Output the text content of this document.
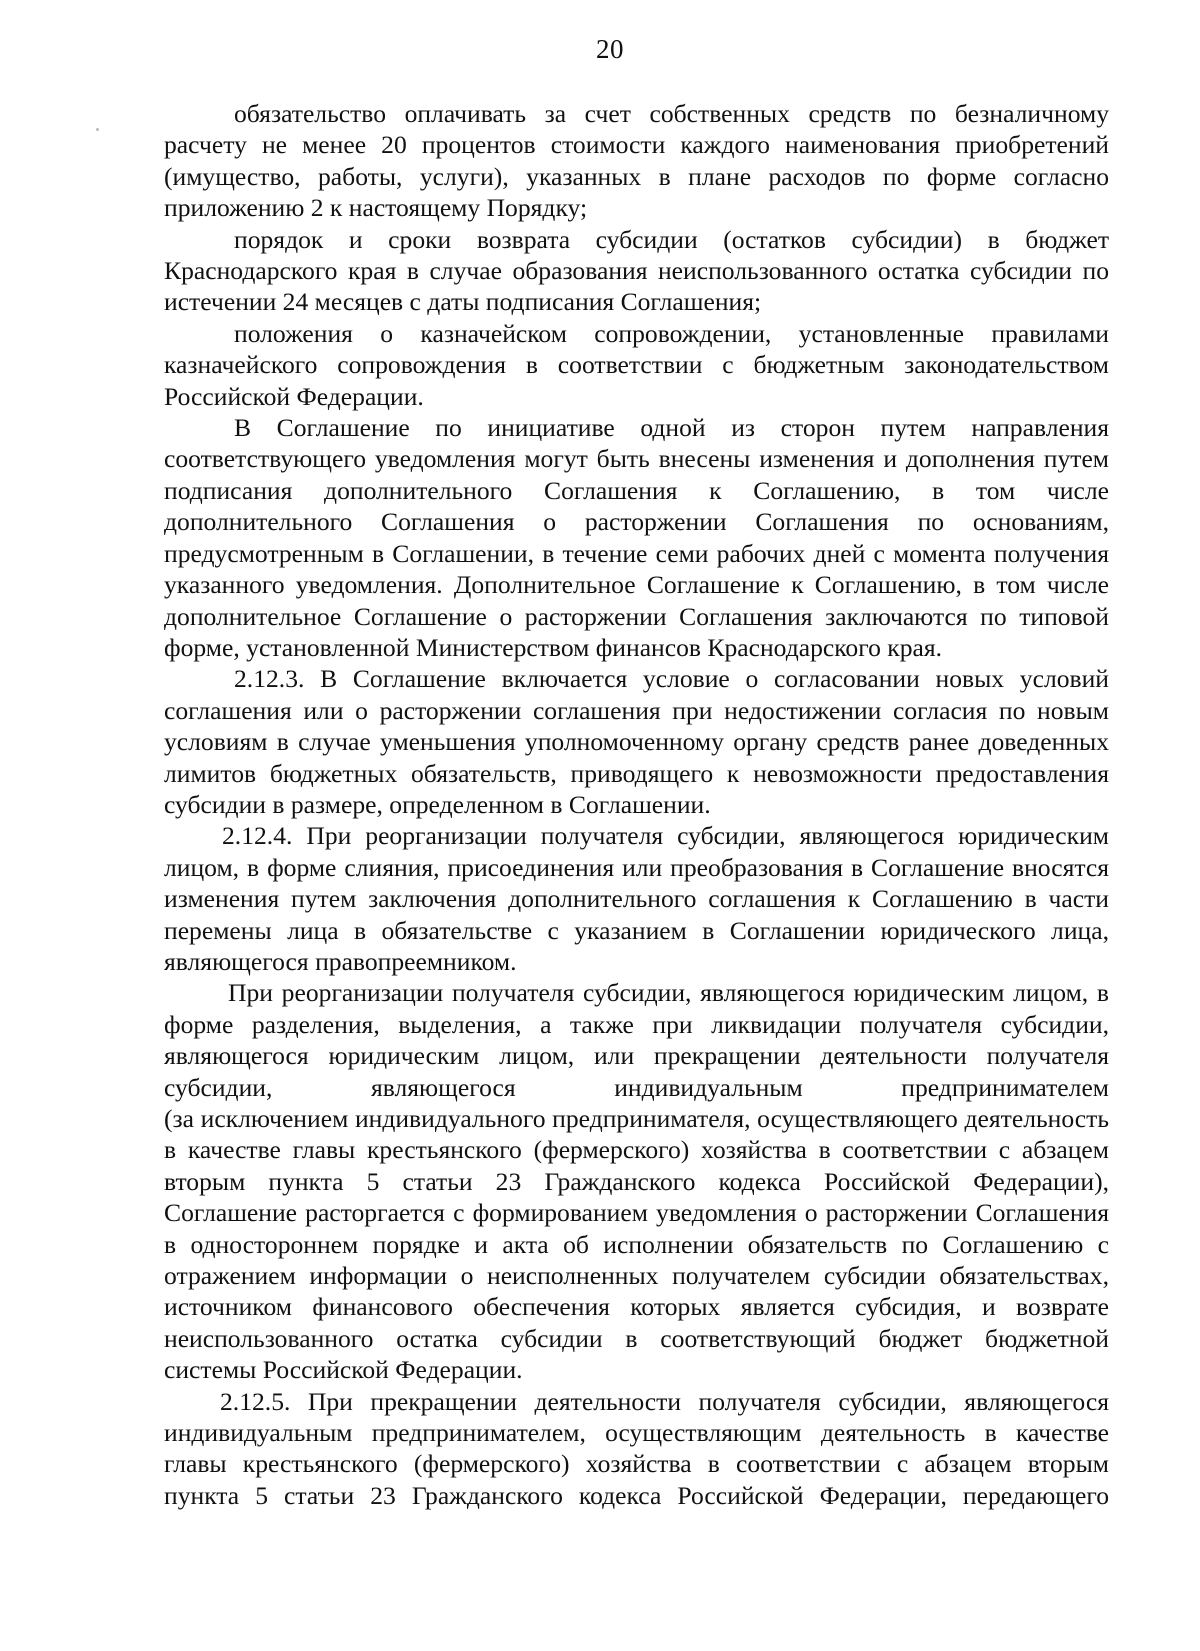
20

обязательство оплачивать за счет собственных средств по безналичному расчету не менее 20 процентов стоимости каждого наименования приобретений (имущество, работы, услуги), указанных в плане расходов по форме согласно приложению 2 к настоящему Порядку;

порядок и сроки возврата субсидии (остатков субсидии) в бюджет Краснодарского края в случае образования неиспользованного остатка субсидии по истечении 24 месяцев с даты подписания Соглашения;

положения о казначейском сопровождении, установленные правилами казначейского сопровождения в соответствии с бюджетным законодательством Российской Федерации.

В Соглашение по инициативе одной из сторон путем направления соответствующего уведомления могут быть внесены изменения и дополнения путем подписания дополнительного Соглашения к Соглашению, в том числе дополнительного Соглашения о расторжении Соглашения по основаниям, предусмотренным в Соглашении, в течение семи рабочих дней с момента получения указанного уведомления. Дополнительное Соглашение к Соглашению, в том числе дополнительное Соглашение о расторжении Соглашения заключаются по типовой форме, установленной Министерством финансов Краснодарского края.

2.12.3. В Соглашение включается условие о согласовании новых условий соглашения или о расторжении соглашения при недостижении согласия по новым условиям в случае уменьшения уполномоченному органу средств ранее доведенных лимитов бюджетных обязательств, приводящего к невозможности предоставления субсидии в размере, определенном в Соглашении.

2.12.4. При реорганизации получателя субсидии, являющегося юридическим лицом, в форме слияния, присоединения или преобразования в Соглашение вносятся изменения путем заключения дополнительного соглашения к Соглашению в части перемены лица в обязательстве с указанием в Соглашении юридического лица, являющегося правопреемником.

При реорганизации получателя субсидии, являющегося юридическим лицом, в форме разделения, выделения, а также при ликвидации получателя субсидии, являющегося юридическим лицом, или прекращении деятельности получателя субсидии, являющегося индивидуальным предпринимателем

(за исключением индивидуального предпринимателя, осуществляющего деятельность в качестве главы крестьянского (фермерского) хозяйства в соответствии с абзацем вторым пункта 5 статьи 23 Гражданского кодекса Российской Федерации), Соглашение расторгается с формированием уведомления о расторжении Соглашения в одностороннем порядке и акта об исполнении обязательств по Соглашению с отражением информации о неисполненных получателем субсидии обязательствах, источником финансового обеспечения которых является субсидия, и возврате неиспользованного остатка субсидии в соответствующий бюджет бюджетной системы Российской Федерации.

2.12.5. При прекращении деятельности получателя субсидии, являющегося индивидуальным предпринимателем, осуществляющим деятельность в качестве главы крестьянского (фермерского) хозяйства в соответствии с абзацем вторым пункта 5 статьи 23 Гражданского кодекса Российской Федерации, передающего
